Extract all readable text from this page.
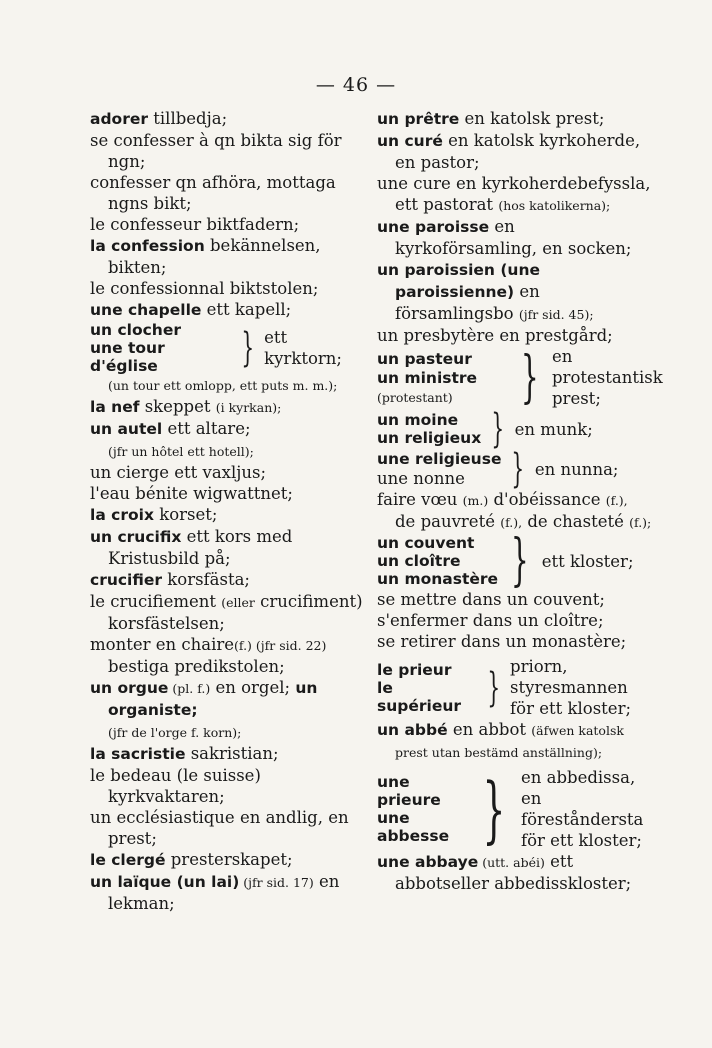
— 46 —

adorer tillbedja;

se confesser à qn bikta sig för ngn;

confesser qn afhöra, mottaga ngns bikt;

le confesseur biktfadern;

la confession bekännelsen, bikten;

le confessionnal biktstolen;

une chapelle ett kapell;

un clocher
une tour d'église	} ett kyrktorn;

(un tour ett omlopp, ett puts m. m.);

la nef skeppet (i kyrkan);

un autel ett altare;

(jfr un hôtel ett hotell);

un cierge ett vaxljus;

l'eau bénite wigwattnet;

la croix korset;

un crucifix ett kors med Kristusbild på;

crucifier korsfästa;

le crucifiement (eller crucifiment) korsfästelsen;

monter en chaire(f.) (jfr sid. 22) bestiga predikstolen;

un orgue (pl. f.) en orgel; un organiste;

(jfr de l'orge f. korn);

la sacristie sakristian;

le bedeau (le suisse) kyrkvaktaren;

un ecclésiastique en andlig, en prest;

le clergé presterskapet;

un laïque (un lai) (jfr sid. 17) en lekman;

un prêtre en katolsk prest;

un curé en katolsk kyrkoherde, en pastor;

une cure en kyrkoherdebefyssla, ett pastorat (hos katolikerna);

une paroisse en kyrkoförsamling, en socken;

un paroissien (une paroissienne) en församlingsbo (jfr sid. 45);

un presbytère en prestgård;

un pasteur
un ministre (protestant)	} en protestantisk prest;
un moine
un religieux } en munk;
une religieuse
une nonne	} en nunna;

faire vœu (m.) d'obéissance (f.), de pauvreté (f.), de chasteté (f.);

un couvent
un cloître
un monastère } ett kloster;

se mettre dans un couvent;

s'enfermer dans un cloître;

se retirer dans un monastère;

le prieur
le supérieur } priorn, styresmannen för ett kloster;

un abbé en abbot (äfwen katolsk prest utan bestämd anställning);

une prieure
une abbesse } en abbedissa, en föreståndersta för ett kloster;

une abbaye (utt. abéi) ett abbotseller abbedisskloster;
